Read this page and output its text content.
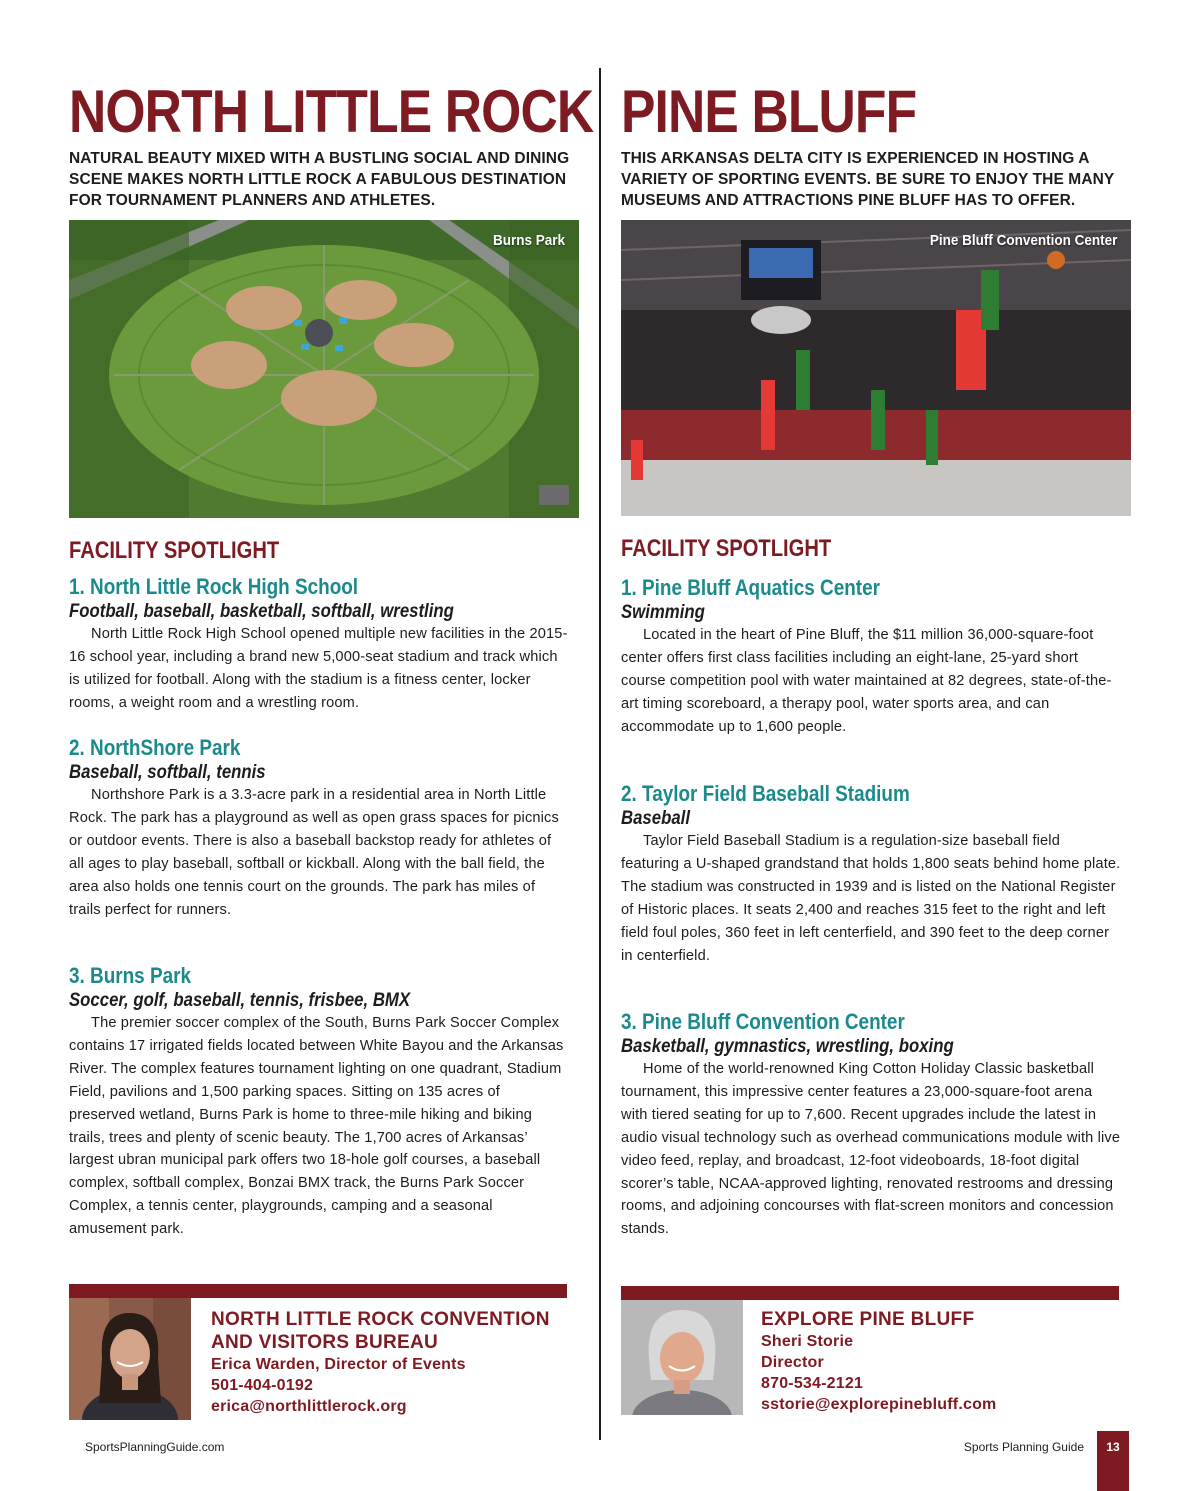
NORTH LITTLE ROCK

NATURAL BEAUTY MIXED WITH A BUSTLING SOCIAL AND DINING SCENE MAKES NORTH LITTLE ROCK A FABULOUS DESTINATION FOR TOURNAMENT PLANNERS AND ATHLETES.

Burns Park
FACILITY SPOTLIGHT

1. North Little Rock High School

Football, baseball, basketball, softball, wrestling

North Little Rock High School opened multiple new facilities in the 2015-16 school year, including a brand new 5,000-seat stadium and track which is utilized for football. Along with the stadium is a fitness center, locker rooms, a weight room and a wrestling room.

2. NorthShore Park

Baseball, softball, tennis

Northshore Park is a 3.3-acre park in a residential area in North Little Rock. The park has a playground as well as open grass spaces for picnics or outdoor events. There is also a baseball backstop ready for athletes of all ages to play baseball, softball or kickball. Along with the ball field, the area also holds one tennis court on the grounds. The park has miles of trails perfect for runners.

3. Burns Park

Soccer, golf, baseball, tennis, frisbee, BMX

The premier soccer complex of the South, Burns Park Soccer Complex contains 17 irrigated fields located between White Bayou and the Arkansas River. The complex features tournament lighting on one quadrant, Stadium Field, pavilions and 1,500 parking spaces. Sitting on 135 acres of preserved wetland, Burns Park is home to three-mile hiking and biking trails, trees and plenty of scenic beauty. The 1,700 acres of Arkansas’ largest ubran municipal park offers two 18-hole golf courses, a baseball complex, softball complex, Bonzai BMX track, the Burns Park Soccer Complex, a tennis center, playgrounds, camping and a seasonal amusement park.

NORTH LITTLE ROCK CONVENTION

AND VISITORS BUREAU

Erica Warden, Director of Events

501-404-0192

erica@northlittlerock.org

PINE BLUFF

THIS ARKANSAS DELTA CITY IS EXPERIENCED IN HOSTING A VARIETY OF SPORTING EVENTS. BE SURE TO ENJOY THE MANY MUSEUMS AND ATTRACTIONS PINE BLUFF HAS TO OFFER.

Pine Bluff Convention Center
FACILITY SPOTLIGHT

1. Pine Bluff Aquatics Center

Swimming

Located in the heart of Pine Bluff, the $11 million 36,000-square-foot center offers first class facilities including an eight-lane, 25-yard short course competition pool with water maintained at 82 degrees, state-of-the-art timing scoreboard, a therapy pool, water sports area, and can accommodate up to 1,600 people.

2. Taylor Field Baseball Stadium

Baseball

Taylor Field Baseball Stadium is a regulation-size baseball field featuring a U-shaped grandstand that holds 1,800 seats behind home plate. The stadium was constructed in 1939 and is listed on the National Register of Historic places. It seats 2,400 and reaches 315 feet to the right and left field foul poles, 360 feet in left centerfield, and 390 feet to the deep corner in centerfield.

3. Pine Bluff Convention Center

Basketball, gymnastics, wrestling, boxing

Home of the world-renowned King Cotton Holiday Classic basketball tournament, this impressive center features a 23,000-square-foot arena with tiered seating for up to 7,600. Recent upgrades include the latest in audio visual technology such as overhead communications module with live video feed, replay, and broadcast, 12-foot videoboards, 18-foot digital scorer’s table, NCAA-approved lighting, renovated restrooms and dressing rooms, and adjoining concourses with flat-screen monitors and concession stands.

EXPLORE PINE BLUFF

Sheri Storie

Director

870-534-2121

sstorie@explorepinebluff.com

SportsPlanningGuide.com	Sports Planning Guide	13
